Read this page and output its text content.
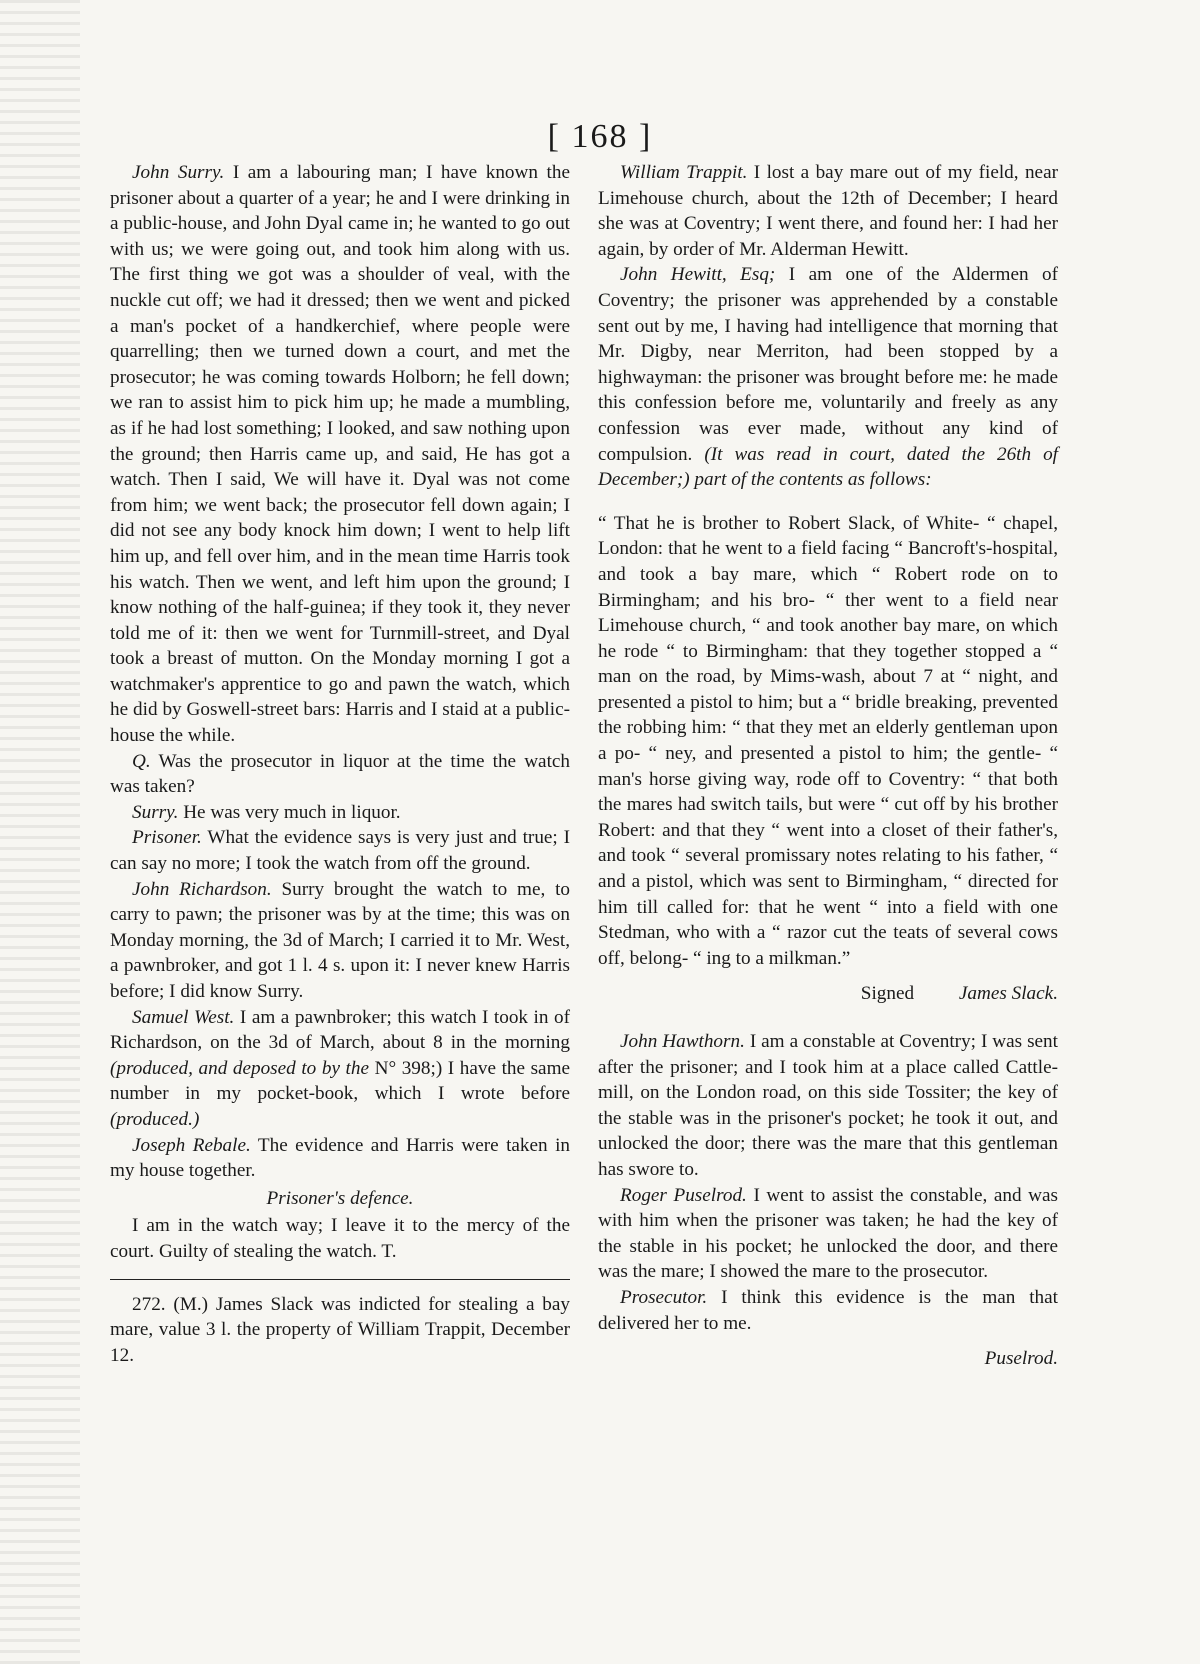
[ 168 ]

John Surry. I am a labouring man; I have known the prisoner about a quarter of a year; he and I were drinking in a public-house, and John Dyal came in; he wanted to go out with us; we were going out, and took him along with us. The first thing we got was a shoulder of veal, with the nuckle cut off; we had it dressed; then we went and picked a man's pocket of a handkerchief, where people were quarrelling; then we turned down a court, and met the prosecutor; he was coming towards Holborn; he fell down; we ran to assist him to pick him up; he made a mumbling, as if he had lost something; I looked, and saw nothing upon the ground; then Harris came up, and said, He has got a watch. Then I said, We will have it. Dyal was not come from him; we went back; the prosecutor fell down again; I did not see any body knock him down; I went to help lift him up, and fell over him, and in the mean time Harris took his watch. Then we went, and left him upon the ground; I know nothing of the half-guinea; if they took it, they never told me of it: then we went for Turnmill-street, and Dyal took a breast of mutton. On the Monday morning I got a watchmaker's apprentice to go and pawn the watch, which he did by Goswell-street bars: Harris and I staid at a public-house the while.

Q. Was the prosecutor in liquor at the time the watch was taken?

Surry. He was very much in liquor.

Prisoner. What the evidence says is very just and true; I can say no more; I took the watch from off the ground.

John Richardson. Surry brought the watch to me, to carry to pawn; the prisoner was by at the time; this was on Monday morning, the 3d of March; I carried it to Mr. West, a pawnbroker, and got 1 l. 4 s. upon it: I never knew Harris before; I did know Surry.

Samuel West. I am a pawnbroker; this watch I took in of Richardson, on the 3d of March, about 8 in the morning (produced, and deposed to by the N° 398;) I have the same number in my pocket-book, which I wrote before (produced.)

Joseph Rebale. The evidence and Harris were taken in my house together.

Prisoner's defence.

I am in the watch way; I leave it to the mercy of the court. Guilty of stealing the watch. T.

272. (M.) James Slack was indicted for stealing a bay mare, value 3 l. the property of William Trappit, December 12.

William Trappit. I lost a bay mare out of my field, near Limehouse church, about the 12th of December; I heard she was at Coventry; I went there, and found her: I had her again, by order of Mr. Alderman Hewitt.

John Hewitt, Esq; I am one of the Aldermen of Coventry; the prisoner was apprehended by a constable sent out by me, I having had intelligence that morning that Mr. Digby, near Merriton, had been stopped by a highwayman: the prisoner was brought before me: he made this confession before me, voluntarily and freely as any confession was ever made, without any kind of compulsion. (It was read in court, dated the 26th of December;) part of the contents as follows:

“ That he is brother to Robert Slack, of White- “ chapel, London: that he went to a field facing “ Bancroft's-hospital, and took a bay mare, which “ Robert rode on to Birmingham; and his bro- “ ther went to a field near Limehouse church, “ and took another bay mare, on which he rode “ to Birmingham: that they together stopped a “ man on the road, by Mims-wash, about 7 at “ night, and presented a pistol to him; but a “ bridle breaking, prevented the robbing him: “ that they met an elderly gentleman upon a po- “ ney, and presented a pistol to him; the gentle- “ man's horse giving way, rode off to Coventry: “ that both the mares had switch tails, but were “ cut off by his brother Robert: and that they “ went into a closet of their father's, and took “ several promissary notes relating to his father, “ and a pistol, which was sent to Birmingham, “ directed for him till called for: that he went “ into a field with one Stedman, who with a “ razor cut the teats of several cows off, belong- “ ing to a milkman.”

Signed James Slack.

John Hawthorn. I am a constable at Coventry; I was sent after the prisoner; and I took him at a place called Cattle-mill, on the London road, on this side Tossiter; the key of the stable was in the prisoner's pocket; he took it out, and unlocked the door; there was the mare that this gentleman has swore to.

Roger Puselrod. I went to assist the constable, and was with him when the prisoner was taken; he had the key of the stable in his pocket; he unlocked the door, and there was the mare; I showed the mare to the prosecutor.

Prosecutor. I think this evidence is the man that delivered her to me.

Puselrod.
